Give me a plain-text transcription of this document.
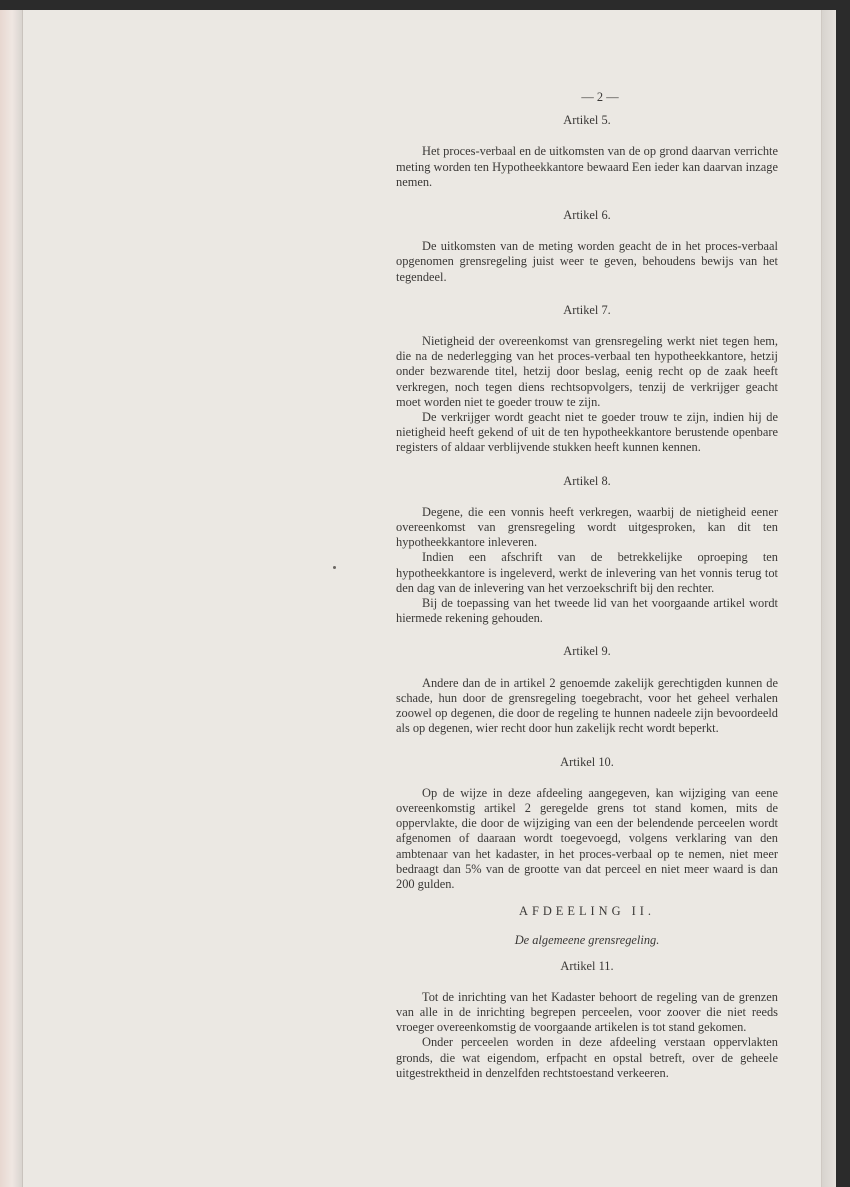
— 2 —
Artikel 5.

Het proces-verbaal en de uitkomsten van de op grond daarvan verrichte meting worden ten Hypotheekkantore bewaard Een ieder kan daarvan inzage nemen.

Artikel 6.

De uitkomsten van de meting worden geacht de in het proces-verbaal opgenomen grensregeling juist weer te geven, behoudens bewijs van het tegendeel.

Artikel 7.

Nietigheid der overeenkomst van grensregeling werkt niet tegen hem, die na de nederlegging van het proces-verbaal ten hypotheekkantore, hetzij onder bezwarende titel, hetzij door beslag, eenig recht op de zaak heeft verkregen, noch tegen diens rechtsopvolgers, tenzij de verkrijger geacht moet worden niet te goeder trouw te zijn.

De verkrijger wordt geacht niet te goeder trouw te zijn, indien hij de nietigheid heeft gekend of uit de ten hypotheekkantore berustende openbare registers of aldaar verblijvende stukken heeft kunnen kennen.

Artikel 8.

Degene, die een vonnis heeft verkregen, waarbij de nietigheid eener overeenkomst van grensregeling wordt uitgesproken, kan dit ten hypotheekkantore inleveren.

Indien een afschrift van de betrekkelijke oproeping ten hypotheekkantore is ingeleverd, werkt de inlevering van het vonnis terug tot den dag van de inlevering van het verzoekschrift bij den rechter.

Bij de toepassing van het tweede lid van het voorgaande artikel wordt hiermede rekening gehouden.

Artikel 9.

Andere dan de in artikel 2 genoemde zakelijk gerechtigden kunnen de schade, hun door de grensregeling toegebracht, voor het geheel verhalen zoowel op degenen, die door de regeling te hunnen nadeele zijn bevoordeeld als op degenen, wier recht door hun zakelijk recht wordt beperkt.

Artikel 10.

Op de wijze in deze afdeeling aangegeven, kan wijziging van eene overeenkomstig artikel 2 geregelde grens tot stand komen, mits de oppervlakte, die door de wijziging van een der belendende perceelen wordt afgenomen of daaraan wordt toegevoegd, volgens verklaring van den ambtenaar van het kadaster, in het proces-verbaal op te nemen, niet meer bedraagt dan 5% van de grootte van dat perceel en niet meer waard is dan 200 gulden.

AFDEELING II.
De algemeene grensregeling.
Artikel 11.

Tot de inrichting van het Kadaster behoort de regeling van de grenzen van alle in de inrichting begrepen perceelen, voor zoover die niet reeds vroeger overeenkomstig de voorgaande artikelen is tot stand gekomen.

Onder perceelen worden in deze afdeeling verstaan oppervlakten gronds, die wat eigendom, erfpacht en opstal betreft, over de geheele uitgestrektheid in denzelfden rechtstoestand verkeeren.
